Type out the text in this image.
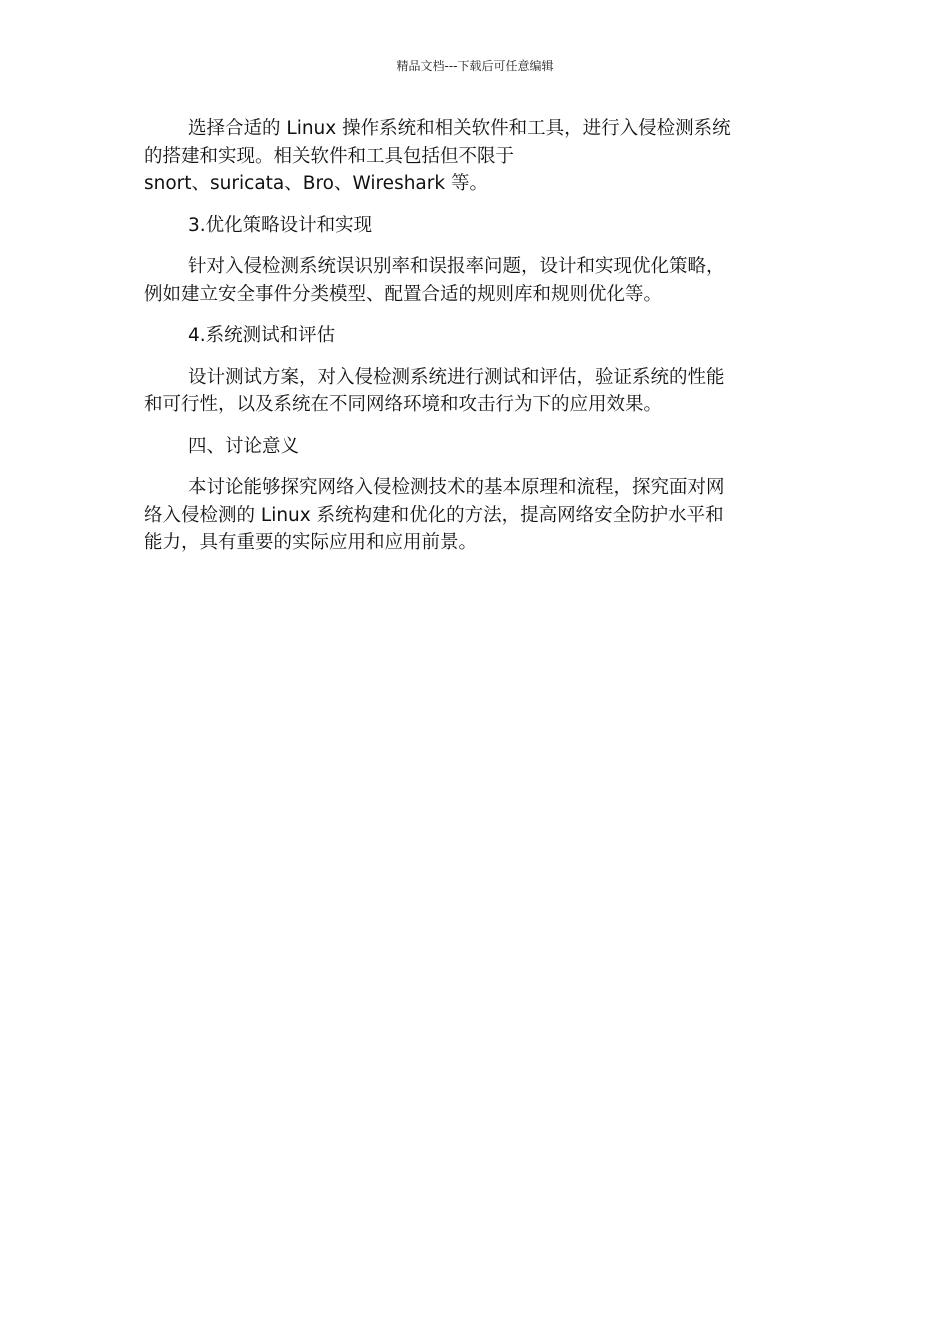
精品文档---下载后可任意编辑

选择合适的 Linux 操作系统和相关软件和工具，进行入侵检测系统
的搭建和实现。相关软件和工具包括但不限于
snort、suricata、Bro、Wireshark 等。

3.优化策略设计和实现

针对入侵检测系统误识别率和误报率问题，设计和实现优化策略，
例如建立安全事件分类模型、配置合适的规则库和规则优化等。

4.系统测试和评估

设计测试方案，对入侵检测系统进行测试和评估，验证系统的性能
和可行性，以及系统在不同网络环境和攻击行为下的应用效果。

四、讨论意义

本讨论能够探究网络入侵检测技术的基本原理和流程，探究面对网
络入侵检测的 Linux 系统构建和优化的方法，提高网络安全防护水平和
能力，具有重要的实际应用和应用前景。
